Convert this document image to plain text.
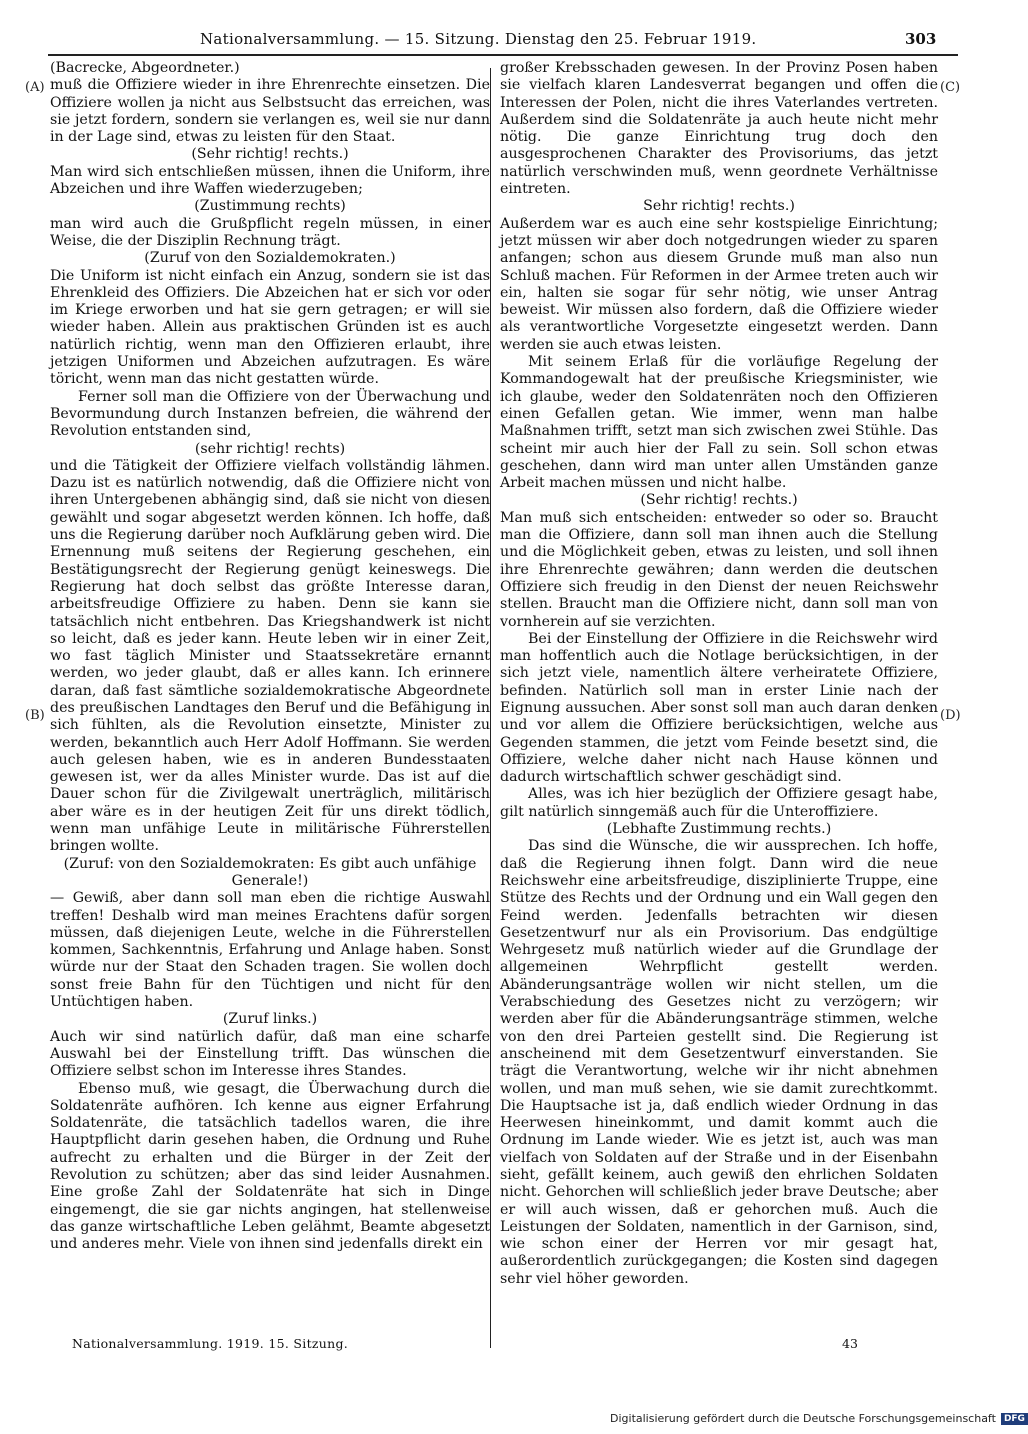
Nationalversammlung. — 15. Sitzung. Dienstag den 25. Februar 1919.	303
(A)
(B)
(C)
(D)

(Bacrecke, Abgeordneter.)

muß die Offiziere wieder in ihre Ehrenrechte einsetzen. Die Offiziere wollen ja nicht aus Selbstsucht das erreichen, was sie jetzt fordern, sondern sie verlangen es, weil sie nur dann in der Lage sind, etwas zu leisten für den Staat.

(Sehr richtig! rechts.)

Man wird sich entschließen müssen, ihnen die Uniform, ihre Abzeichen und ihre Waffen wiederzugeben;

(Zustimmung rechts)

man wird auch die Grußpflicht regeln müssen, in einer Weise, die der Disziplin Rechnung trägt.

(Zuruf von den Sozialdemokraten.)

Die Uniform ist nicht einfach ein Anzug, sondern sie ist das Ehrenkleid des Offiziers. Die Abzeichen hat er sich vor oder im Kriege erworben und hat sie gern getragen; er will sie wieder haben. Allein aus praktischen Gründen ist es auch natürlich richtig, wenn man den Offizieren erlaubt, ihre jetzigen Uniformen und Abzeichen aufzutragen. Es wäre töricht, wenn man das nicht gestatten würde.

Ferner soll man die Offiziere von der Überwachung und Bevormundung durch Instanzen befreien, die während der Revolution entstanden sind,

(sehr richtig! rechts)

und die Tätigkeit der Offiziere vielfach vollständig lähmen. Dazu ist es natürlich notwendig, daß die Offiziere nicht von ihren Untergebenen abhängig sind, daß sie nicht von diesen gewählt und sogar abgesetzt werden können. Ich hoffe, daß uns die Regierung darüber noch Aufklärung geben wird. Die Ernennung muß seitens der Regierung geschehen, ein Bestätigungsrecht der Regierung genügt keineswegs. Die Regierung hat doch selbst das größte Interesse daran, arbeitsfreudige Offiziere zu haben. Denn sie kann sie tatsächlich nicht entbehren. Das Kriegshandwerk ist nicht so leicht, daß es jeder kann. Heute leben wir in einer Zeit, wo fast täglich Minister und Staatssekretäre ernannt werden, wo jeder glaubt, daß er alles kann. Ich erinnere daran, daß fast sämtliche sozialdemokratische Abgeordnete des preußischen Landtages den Beruf und die Befähigung in sich fühlten, als die Revolution einsetzte, Minister zu werden, bekanntlich auch Herr Adolf Hoffmann. Sie werden auch gelesen haben, wie es in anderen Bundesstaaten gewesen ist, wer da alles Minister wurde. Das ist auf die Dauer schon für die Zivilgewalt unerträglich, militärisch aber wäre es in der heutigen Zeit für uns direkt tödlich, wenn man unfähige Leute in militärische Führerstellen bringen wollte.

(Zuruf: von den Sozialdemokraten: Es gibt auch unfähige Generale!)

— Gewiß, aber dann soll man eben die richtige Auswahl treffen! Deshalb wird man meines Erachtens dafür sorgen müssen, daß diejenigen Leute, welche in die Führerstellen kommen, Sachkenntnis, Erfahrung und Anlage haben. Sonst würde nur der Staat den Schaden tragen. Sie wollen doch sonst freie Bahn für den Tüchtigen und nicht für den Untüchtigen haben.

(Zuruf links.)

Auch wir sind natürlich dafür, daß man eine scharfe Auswahl bei der Einstellung trifft. Das wünschen die Offiziere selbst schon im Interesse ihres Standes.

Ebenso muß, wie gesagt, die Überwachung durch die Soldatenräte aufhören. Ich kenne aus eigner Erfahrung Soldatenräte, die tatsächlich tadellos waren, die ihre Hauptpflicht darin gesehen haben, die Ordnung und Ruhe aufrecht zu erhalten und die Bürger in der Zeit der Revolution zu schützen; aber das sind leider Ausnahmen. Eine große Zahl der Soldatenräte hat sich in Dinge eingemengt, die sie gar nichts angingen, hat stellenweise das ganze wirtschaftliche Leben gelähmt, Beamte abgesetzt und anderes mehr. Viele von ihnen sind jedenfalls direkt ein

großer Krebsschaden gewesen. In der Provinz Posen haben sie vielfach klaren Landesverrat begangen und offen die Interessen der Polen, nicht die ihres Vaterlandes vertreten. Außerdem sind die Soldatenräte ja auch heute nicht mehr nötig. Die ganze Einrichtung trug doch den ausgesprochenen Charakter des Provisoriums, das jetzt natürlich verschwinden muß, wenn geordnete Verhältnisse eintreten.

Sehr richtig! rechts.)

Außerdem war es auch eine sehr kostspielige Einrichtung; jetzt müssen wir aber doch notgedrungen wieder zu sparen anfangen; schon aus diesem Grunde muß man also nun Schluß machen. Für Reformen in der Armee treten auch wir ein, halten sie sogar für sehr nötig, wie unser Antrag beweist. Wir müssen also fordern, daß die Offiziere wieder als verantwortliche Vorgesetzte eingesetzt werden. Dann werden sie auch etwas leisten.

Mit seinem Erlaß für die vorläufige Regelung der Kommandogewalt hat der preußische Kriegsminister, wie ich glaube, weder den Soldatenräten noch den Offizieren einen Gefallen getan. Wie immer, wenn man halbe Maßnahmen trifft, setzt man sich zwischen zwei Stühle. Das scheint mir auch hier der Fall zu sein. Soll schon etwas geschehen, dann wird man unter allen Umständen ganze Arbeit machen müssen und nicht halbe.

(Sehr richtig! rechts.)

Man muß sich entscheiden: entweder so oder so. Braucht man die Offiziere, dann soll man ihnen auch die Stellung und die Möglichkeit geben, etwas zu leisten, und soll ihnen ihre Ehrenrechte gewähren; dann werden die deutschen Offiziere sich freudig in den Dienst der neuen Reichswehr stellen. Braucht man die Offiziere nicht, dann soll man von vornherein auf sie verzichten.

Bei der Einstellung der Offiziere in die Reichswehr wird man hoffentlich auch die Notlage berücksichtigen, in der sich jetzt viele, namentlich ältere verheiratete Offiziere, befinden. Natürlich soll man in erster Linie nach der Eignung aussuchen. Aber sonst soll man auch daran denken und vor allem die Offiziere berücksichtigen, welche aus Gegenden stammen, die jetzt vom Feinde besetzt sind, die Offiziere, welche daher nicht nach Hause können und dadurch wirtschaftlich schwer geschädigt sind.

Alles, was ich hier bezüglich der Offiziere gesagt habe, gilt natürlich sinngemäß auch für die Unteroffiziere.

(Lebhafte Zustimmung rechts.)

Das sind die Wünsche, die wir aussprechen. Ich hoffe, daß die Regierung ihnen folgt. Dann wird die neue Reichswehr eine arbeitsfreudige, disziplinierte Truppe, eine Stütze des Rechts und der Ordnung und ein Wall gegen den Feind werden. Jedenfalls betrachten wir diesen Gesetzentwurf nur als ein Provisorium. Das endgültige Wehrgesetz muß natürlich wieder auf die Grundlage der allgemeinen Wehrpflicht gestellt werden. Abänderungsanträge wollen wir nicht stellen, um die Verabschiedung des Gesetzes nicht zu verzögern; wir werden aber für die Abänderungsanträge stimmen, welche von den drei Parteien gestellt sind. Die Regierung ist anscheinend mit dem Gesetzentwurf einverstanden. Sie trägt die Verantwortung, welche wir ihr nicht abnehmen wollen, und man muß sehen, wie sie damit zurechtkommt. Die Hauptsache ist ja, daß endlich wieder Ordnung in das Heerwesen hineinkommt, und damit kommt auch die Ordnung im Lande wieder. Wie es jetzt ist, auch was man vielfach von Soldaten auf der Straße und in der Eisenbahn sieht, gefällt keinem, auch gewiß den ehrlichen Soldaten nicht. Gehorchen will schließlich jeder brave Deutsche; aber er will auch wissen, daß er gehorchen muß. Auch die Leistungen der Soldaten, namentlich in der Garnison, sind, wie schon einer der Herren vor mir gesagt hat, außerordentlich zurückgegangen; die Kosten sind dagegen sehr viel höher geworden.

Nationalversammlung. 1919. 15. Sitzung.	43
Digitalisierung gefördert durch die Deutsche Forschungsgemeinschaft DFG
